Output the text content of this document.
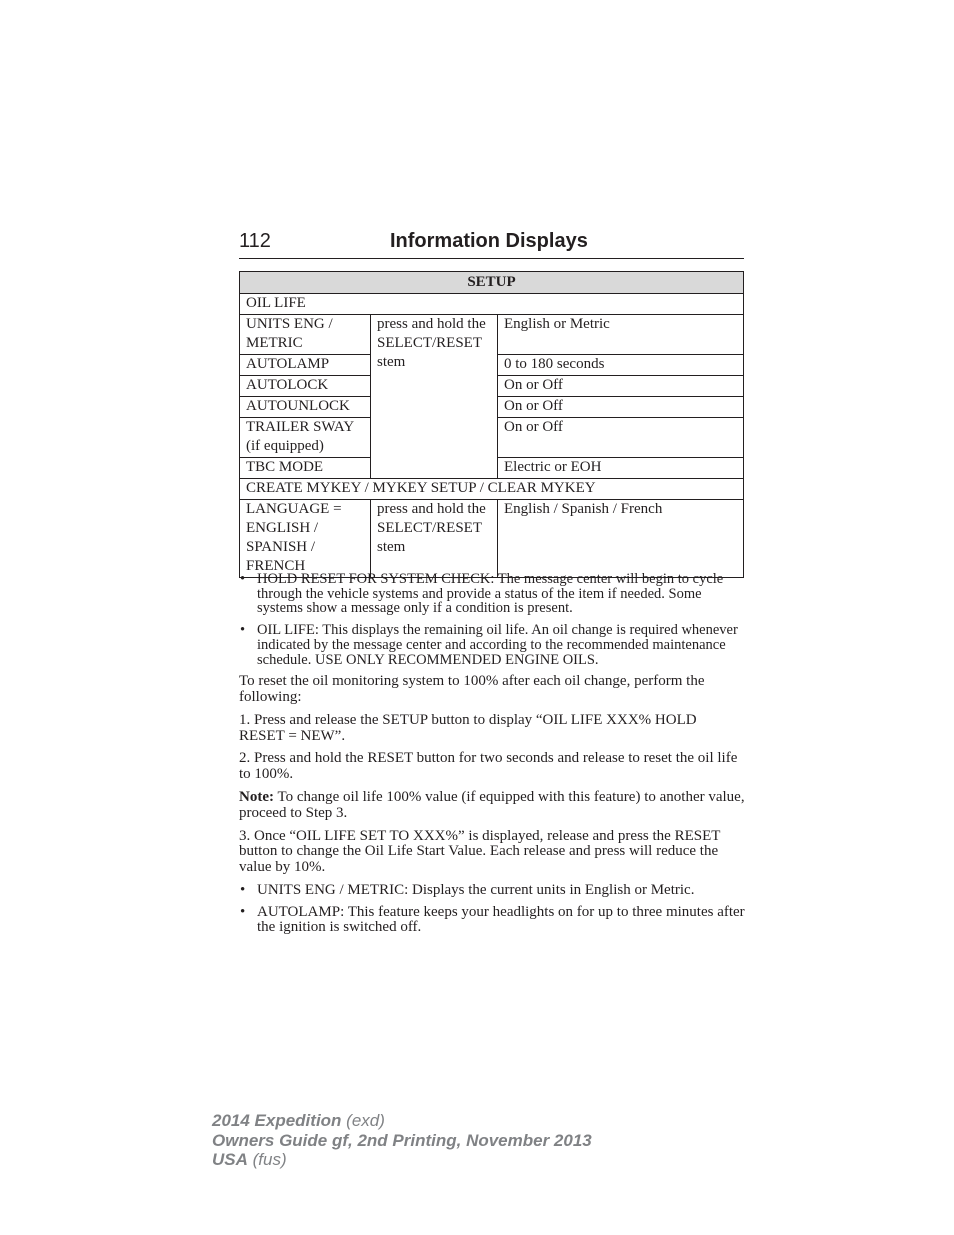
112	Information Displays
SETUP		
OIL LIFE		
UNITS ENG / METRIC	press and hold the SELECT/RESET stem	English or Metric
AUTOLAMP		0 to 180 seconds
AUTOLOCK		On or Off
AUTOUNLOCK		On or Off
TRAILER SWAY (if equipped)		On or Off
TBC MODE		Electric or EOH
CREATE MYKEY / MYKEY SETUP / CLEAR MYKEY		
LANGUAGE = ENGLISH / SPANISH / FRENCH	press and hold the SELECT/RESET stem	English / Spanish / French
• HOLD RESET FOR SYSTEM CHECK: The message center will begin to cycle through the vehicle systems and provide a status of the item if needed. Some systems show a message only if a condition is present.
• OIL LIFE: This displays the remaining oil life. An oil change is required whenever indicated by the message center and according to the recommended maintenance schedule. USE ONLY RECOMMENDED ENGINE OILS.

To reset the oil monitoring system to 100% after each oil change, perform the following:

1. Press and release the SETUP button to display “OIL LIFE XXX% HOLD RESET = NEW”.

2. Press and hold the RESET button for two seconds and release to reset the oil life to 100%.

Note: To change oil life 100% value (if equipped with this feature) to another value, proceed to Step 3.

3. Once “OIL LIFE SET TO XXX%” is displayed, release and press the RESET button to change the Oil Life Start Value. Each release and press will reduce the value by 10%.

• UNITS ENG / METRIC: Displays the current units in English or Metric.
• AUTOLAMP: This feature keeps your headlights on for up to three minutes after the ignition is switched off.
2014 Expedition (exd)
Owners Guide gf, 2nd Printing, November 2013
USA (fus)
